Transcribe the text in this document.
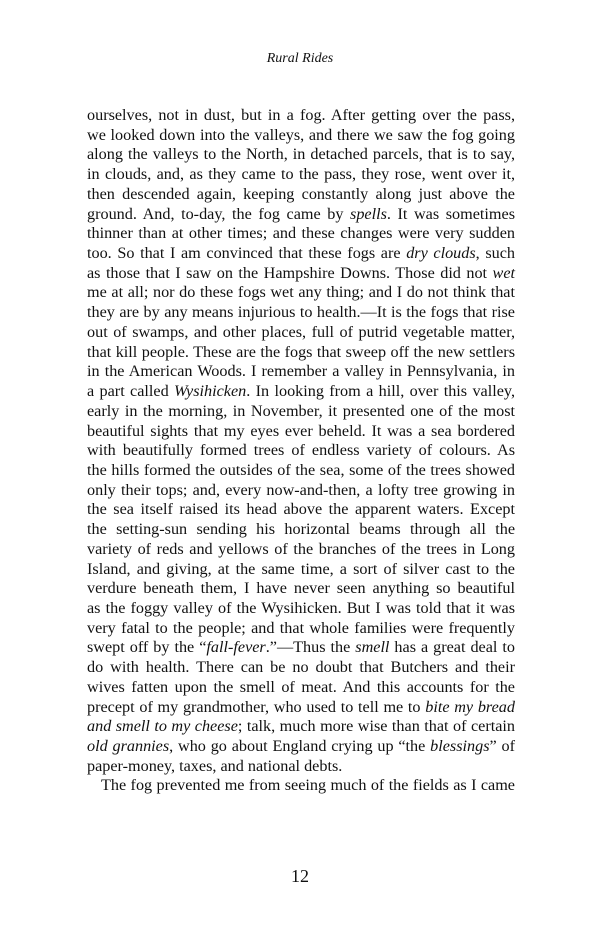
Rural Rides
ourselves, not in dust, but in a fog. After getting over the pass,
we looked down into the valleys, and there we saw the fog going
along the valleys to the North, in detached parcels, that is to say,
in clouds, and, as they came to the pass, they rose, went over it,
then descended again, keeping constantly along just above the
ground. And, to-day, the fog came by spells. It was sometimes
thinner than at other times; and these changes were very sudden
too. So that I am convinced that these fogs are dry clouds, such
as those that I saw on the Hampshire Downs. Those did not wet
me at all; nor do these fogs wet any thing; and I do not think that
they are by any means injurious to health.—It is the fogs that rise
out of swamps, and other places, full of putrid vegetable matter,
that kill people. These are the fogs that sweep off the new settlers
in the American Woods. I remember a valley in Pennsylvania, in
a part called Wysihicken. In looking from a hill, over this valley,
early in the morning, in November, it presented one of the most
beautiful sights that my eyes ever beheld. It was a sea bordered
with beautifully formed trees of endless variety of colours. As
the hills formed the outsides of the sea, some of the trees showed
only their tops; and, every now-and-then, a lofty tree growing in
the sea itself raised its head above the apparent waters. Except
the setting-sun sending his horizontal beams through all the
variety of reds and yellows of the branches of the trees in Long
Island, and giving, at the same time, a sort of silver cast to the
verdure beneath them, I have never seen anything so beautiful
as the foggy valley of the Wysihicken. But I was told that it was
very fatal to the people; and that whole families were frequently
swept off by the “fall-fever.”—Thus the smell has a great deal to
do with health. There can be no doubt that Butchers and their
wives fatten upon the smell of meat. And this accounts for the
precept of my grandmother, who used to tell me to bite my bread
and smell to my cheese; talk, much more wise than that of certain
old grannies, who go about England crying up “the blessings” of
paper-money, taxes, and national debts.
The fog prevented me from seeing much of the fields as I came
12
